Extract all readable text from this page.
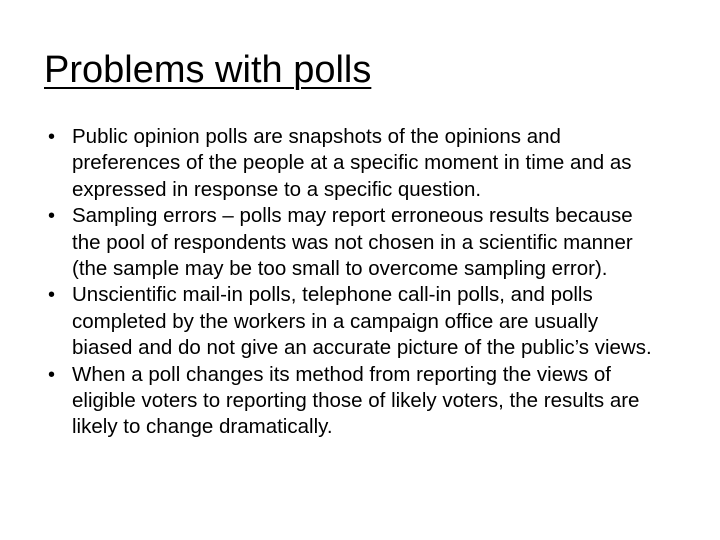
Problems with polls
• Public opinion polls are snapshots of the opinions and preferences of the people at a specific moment in time and as expressed in response to a specific question.
• Sampling errors – polls may report erroneous results because the pool of respondents was not chosen in a scientific manner (the sample may be too small to overcome sampling error).
• Unscientific mail-in polls, telephone call-in polls, and polls completed by the workers in a campaign office are usually biased and do not give an accurate picture of the public’s views.
• When a poll changes its method from reporting the views of eligible voters to reporting those of likely voters, the results are likely to change dramatically.
